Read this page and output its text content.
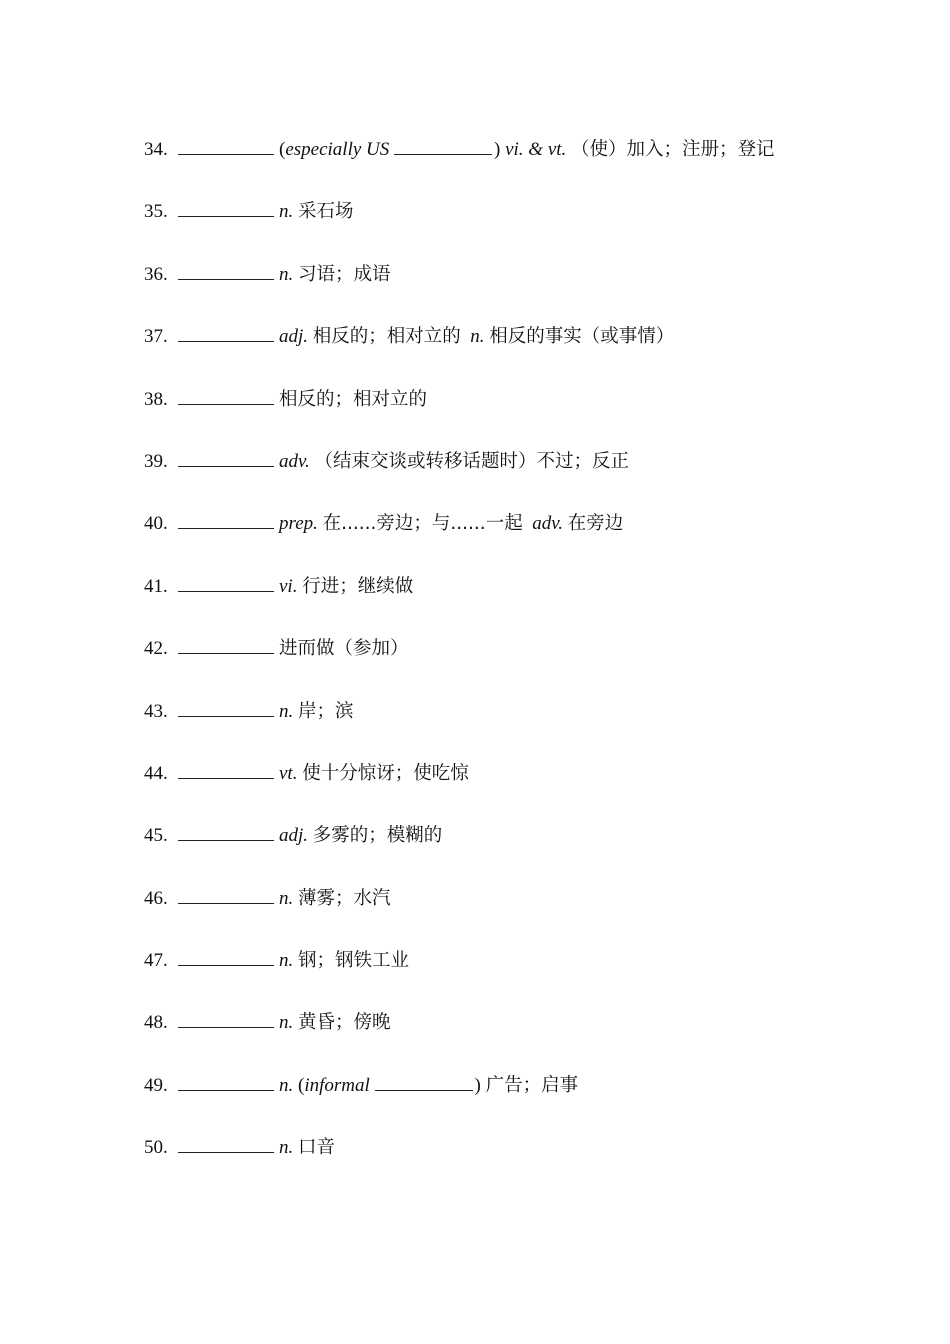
34.	(especially US	) vi. & vt. （使）加入；注册；登记
35.	n. 采石场
36.	n. 习语；成语
37.	adj. 相反的；相对立的 n. 相反的事实（或事情）
38.	相反的；相对立的
39.	adv. （结束交谈或转移话题时）不过；反正
40.	prep. 在......旁边；与......一起 adv. 在旁边
41.	vi. 行进；继续做
42.	进而做（参加）
43.	n. 岸；滨
44.	vt. 使十分惊讶；使吃惊
45.	adj. 多雾的；模糊的
46.	n. 薄雾；水汽
47.	n. 钢；钢铁工业
48.	n. 黄昏；傍晚
49.	n. (informal	) 广告；启事
50.	n. 口音
